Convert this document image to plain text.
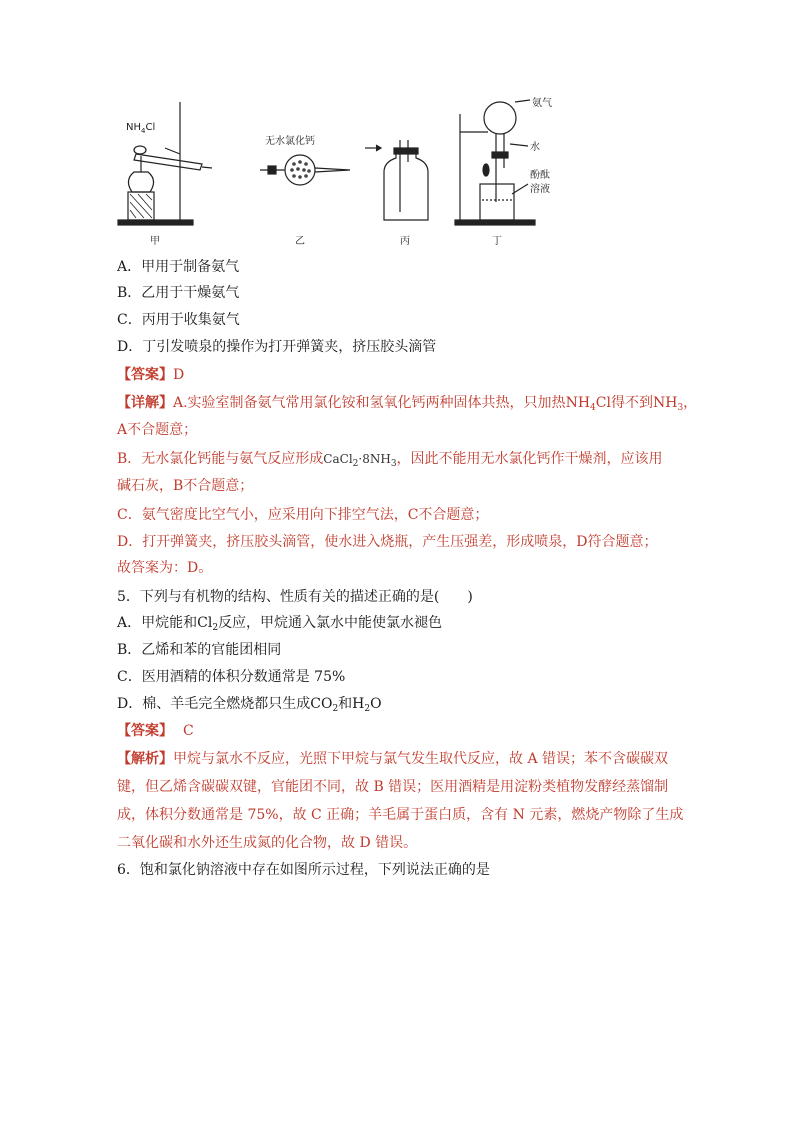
$NH_4Cl$
无水氯化钙
氨气
水
酚酞
溶液
甲	乙	丙	丁
A．甲用于制备氨气
B．乙用于干燥氨气
C．丙用于收集氨气
D．丁引发喷泉的操作为打开弹簧夹，挤压胶头滴管
【答案】D
【详解】A.实验室制备氨气常用氯化铵和氢氧化钙两种固体共热，只加热$NH_4Cl$得不到$NH_3$，
A不合题意；
B．无水氯化钙能与氨气反应形成$CaCl_2\cdot 8NH_3$，因此不能用无水氯化钙作干燥剂，应该用
碱石灰，B不合题意；
C．氨气密度比空气小，应采用向下排空气法，C不合题意；
D．打开弹簧夹，挤压胶头滴管，使水进入烧瓶，产生压强差，形成喷泉，D符合题意；
故答案为：D。
5．下列与有机物的结构、性质有关的描述正确的是(　　)
A．甲烷能和$Cl_2$反应，甲烷通入氯水中能使氯水褪色
B．乙烯和苯的官能团相同
C．医用酒精的体积分数通常是 75%
D．棉、羊毛完全燃烧都只生成$CO_2$和$H_2O$
【答案】 C
【解析】甲烷与氯水不反应，光照下甲烷与氯气发生取代反应，故 A 错误；苯不含碳碳双
键，但乙烯含碳碳双键，官能团不同，故 B 错误；医用酒精是用淀粉类植物发酵经蒸馏制
成，体积分数通常是 75%，故 C 正确；羊毛属于蛋白质，含有 N 元素，燃烧产物除了生成
二氧化碳和水外还生成氮的化合物，故 D 错误。
6．饱和氯化钠溶液中存在如图所示过程，下列说法正确的是
